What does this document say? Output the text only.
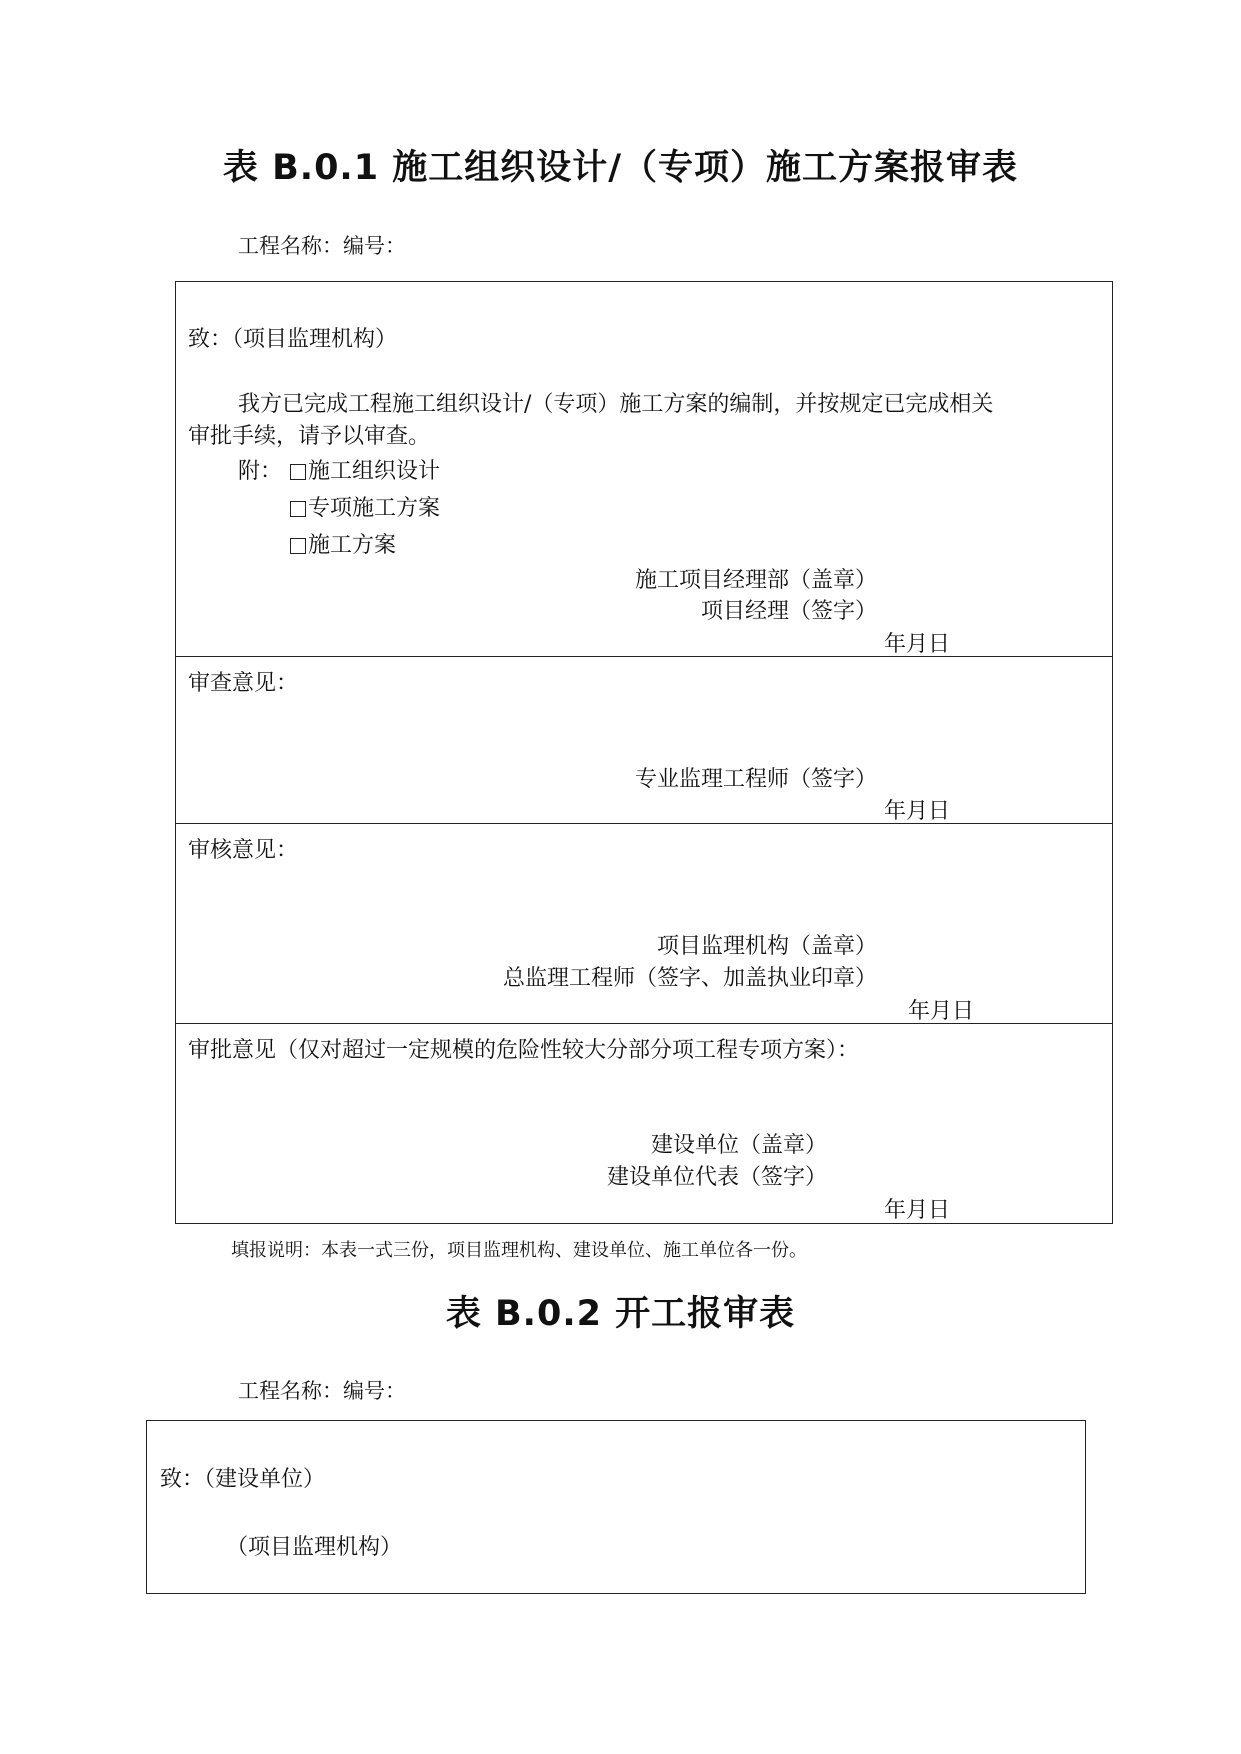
表 B.0.1 施工组织设计/（专项）施工方案报审表
工程名称：编号：
致：（项目监理机构）
我方已完成工程施工组织设计/（专项）施工方案的编制，并按规定已完成相关
审批手续，请予以审查。
附：	施工组织设计
专项施工方案
施工方案
施工项目经理部（盖章）
项目经理（签字）
年月日
审查意见：
专业监理工程师（签字）
年月日
审核意见：
项目监理机构（盖章）
总监理工程师（签字、加盖执业印章）
年月日
审批意见（仅对超过一定规模的危险性较大分部分项工程专项方案）：
建设单位（盖章）
建设单位代表（签字）
年月日
填报说明：本表一式三份，项目监理机构、建设单位、施工单位各一份。
表 B.0.2 开工报审表
工程名称：编号：
致：（建设单位）
（项目监理机构）
